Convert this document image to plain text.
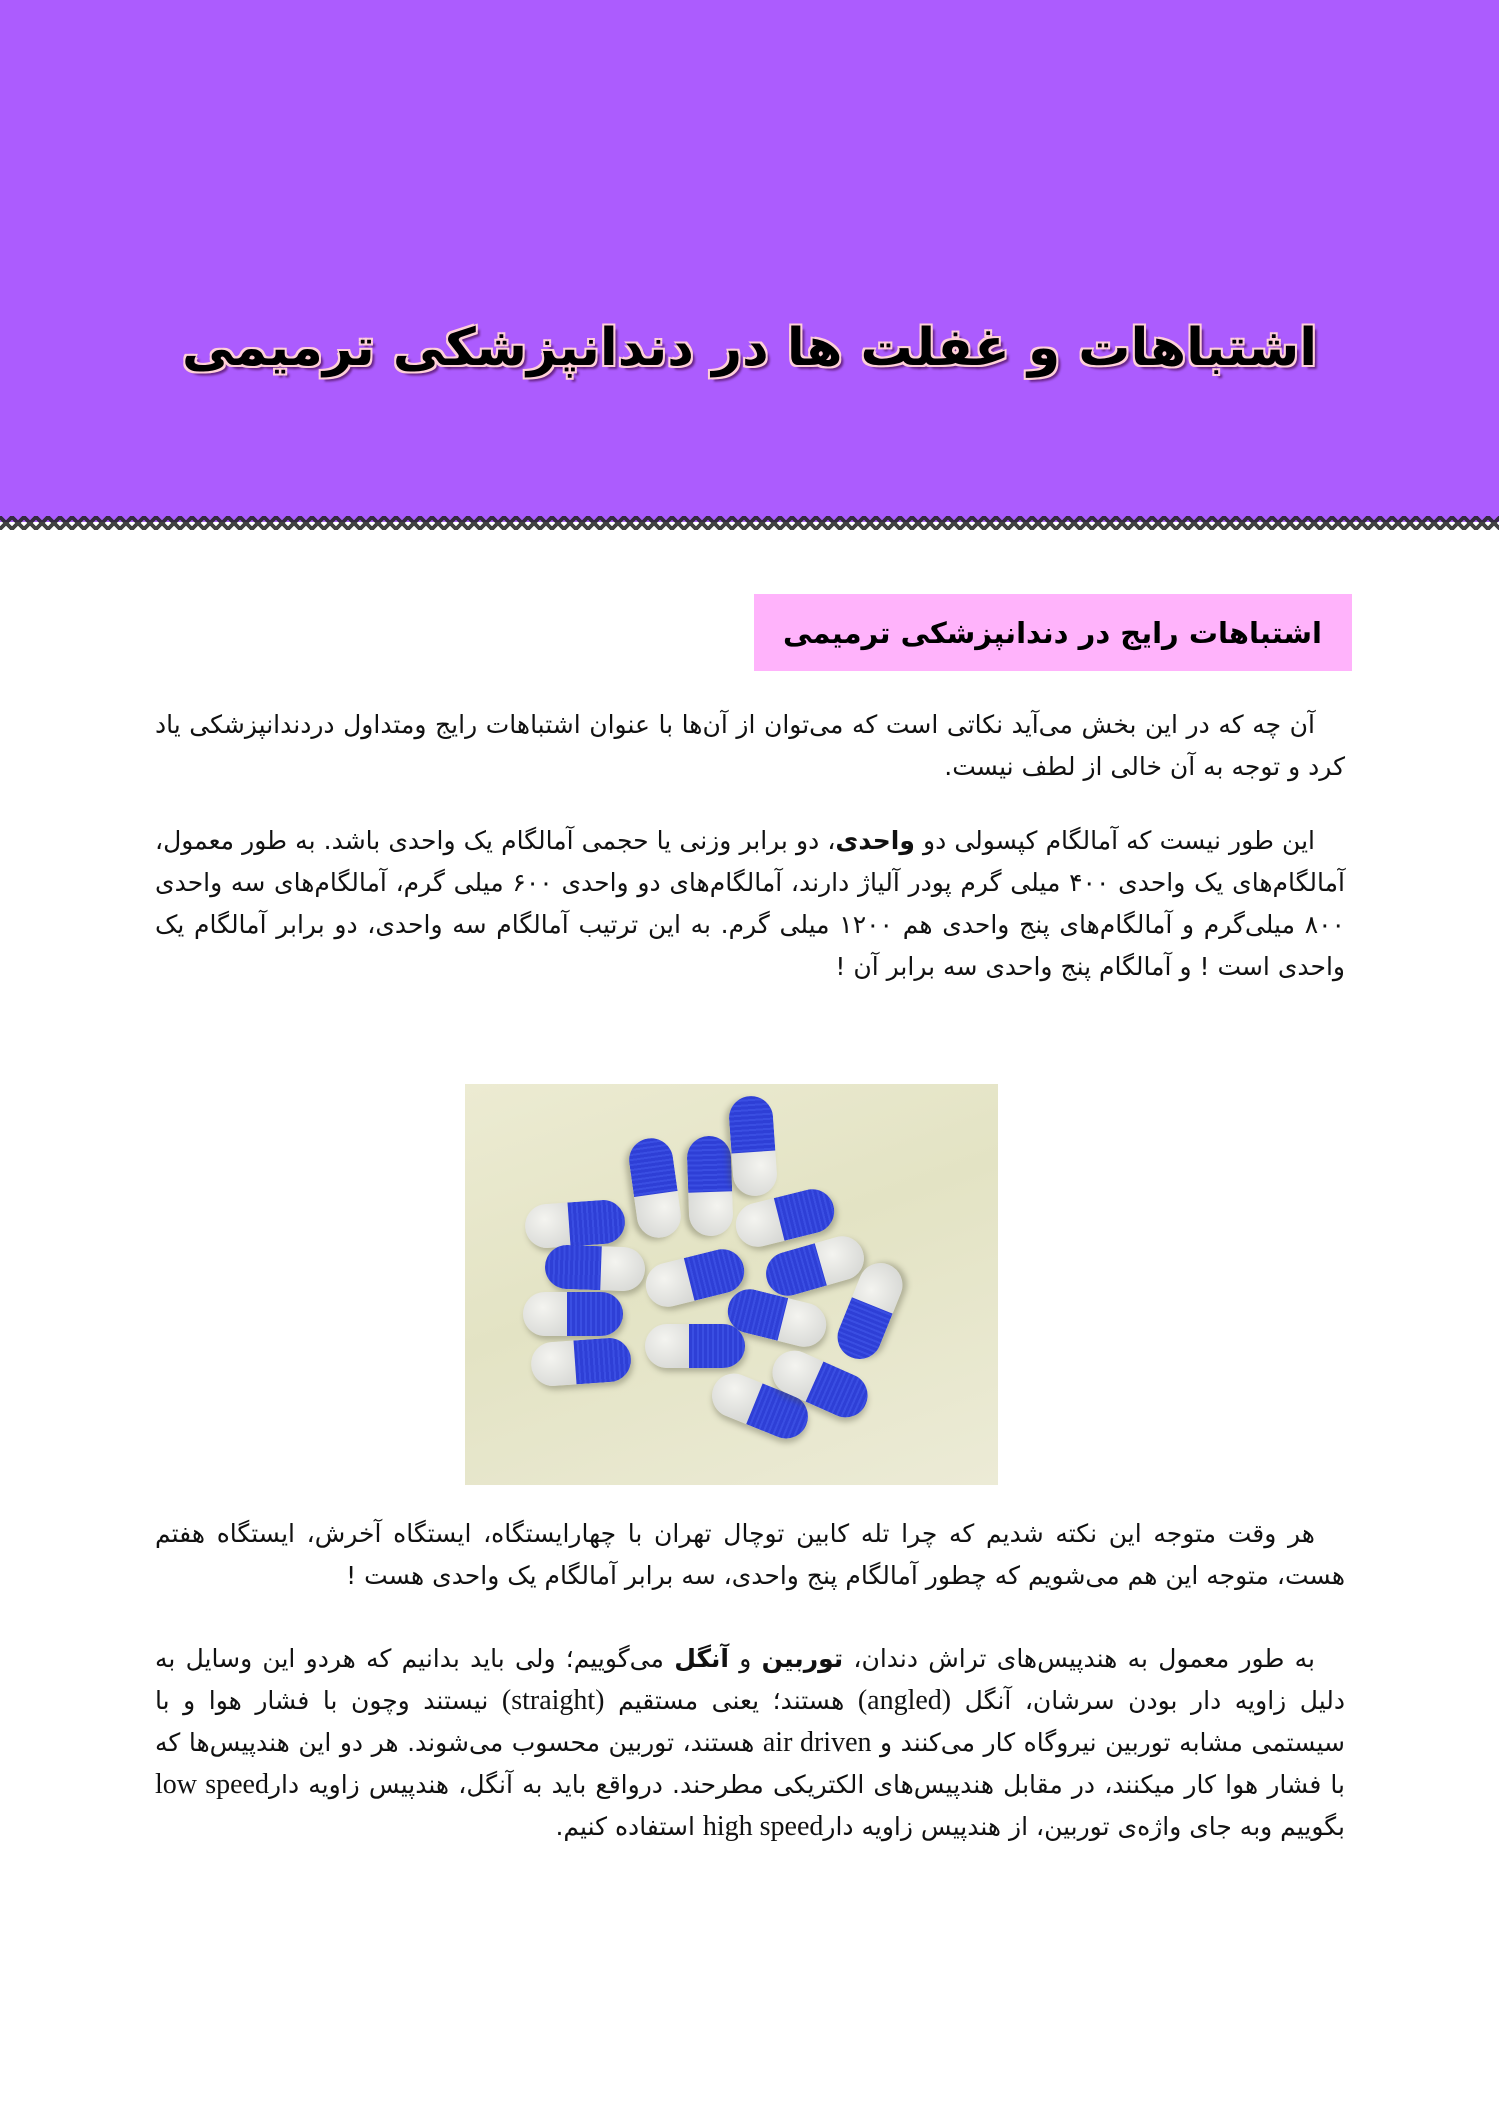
اشتباهات و غفلت ها در دندانپزشکی ترمیمی
اشتباهات رایج در دندانپزشکی ترمیمی

آن چه که در این بخش می‌آید نکاتی است که می‌توان از آن‌ها با عنوان اشتباهات رایج ومتداول دردندانپزشکی یاد کرد و توجه به آن خالی از لطف نیست.

این طور نیست که آمالگام کپسولی دو واحدی، دو برابر وزنی یا حجمی آمالگام یک واحدی باشد. به طور معمول، آمالگام‌های یک واحدی ۴۰۰ میلی گرم پودر آلیاژ دارند، آمالگام‌های دو واحدی ۶۰۰ میلی گرم، آمالگام‌های سه واحدی ۸۰۰ میلی‌گرم و آمالگام‌های پنج واحدی هم ۱۲۰۰ میلی گرم. به این ترتیب آمالگام سه واحدی، دو برابر آمالگام یک واحدی است ! و آمالگام پنج واحدی سه برابر آن !

هر وقت متوجه این نکته شدیم که چرا تله کابین توچال تهران با چهارایستگاه، ایستگاه آخرش، ایستگاه هفتم هست، متوجه این هم می‌شویم که چطور آمالگام پنج واحدی، سه برابر آمالگام یک واحدی هست !

به طور معمول به هندپیس‌های تراش دندان، توربین و آنگل می‌گوییم؛ ولی باید بدانیم که هردو این وسایل به دلیل زاویه دار بودن سرشان، آنگل (angled) هستند؛ یعنی مستقیم (straight) نیستند وچون با فشار هوا و با سیستمی مشابه توربین نیروگاه کار می‌کنند و air driven هستند، توربین محسوب می‌شوند. هر دو این هندپیس‌ها که با فشار هوا کار میکنند، در مقابل هندپیس‌های الکتریکی مطرحند. درواقع باید به آنگل، هندپیس زاویه دارlow speed بگوییم وبه جای واژه‌ی توربین، از هندپیس زاویه دارhigh speed استفاده کنیم.
